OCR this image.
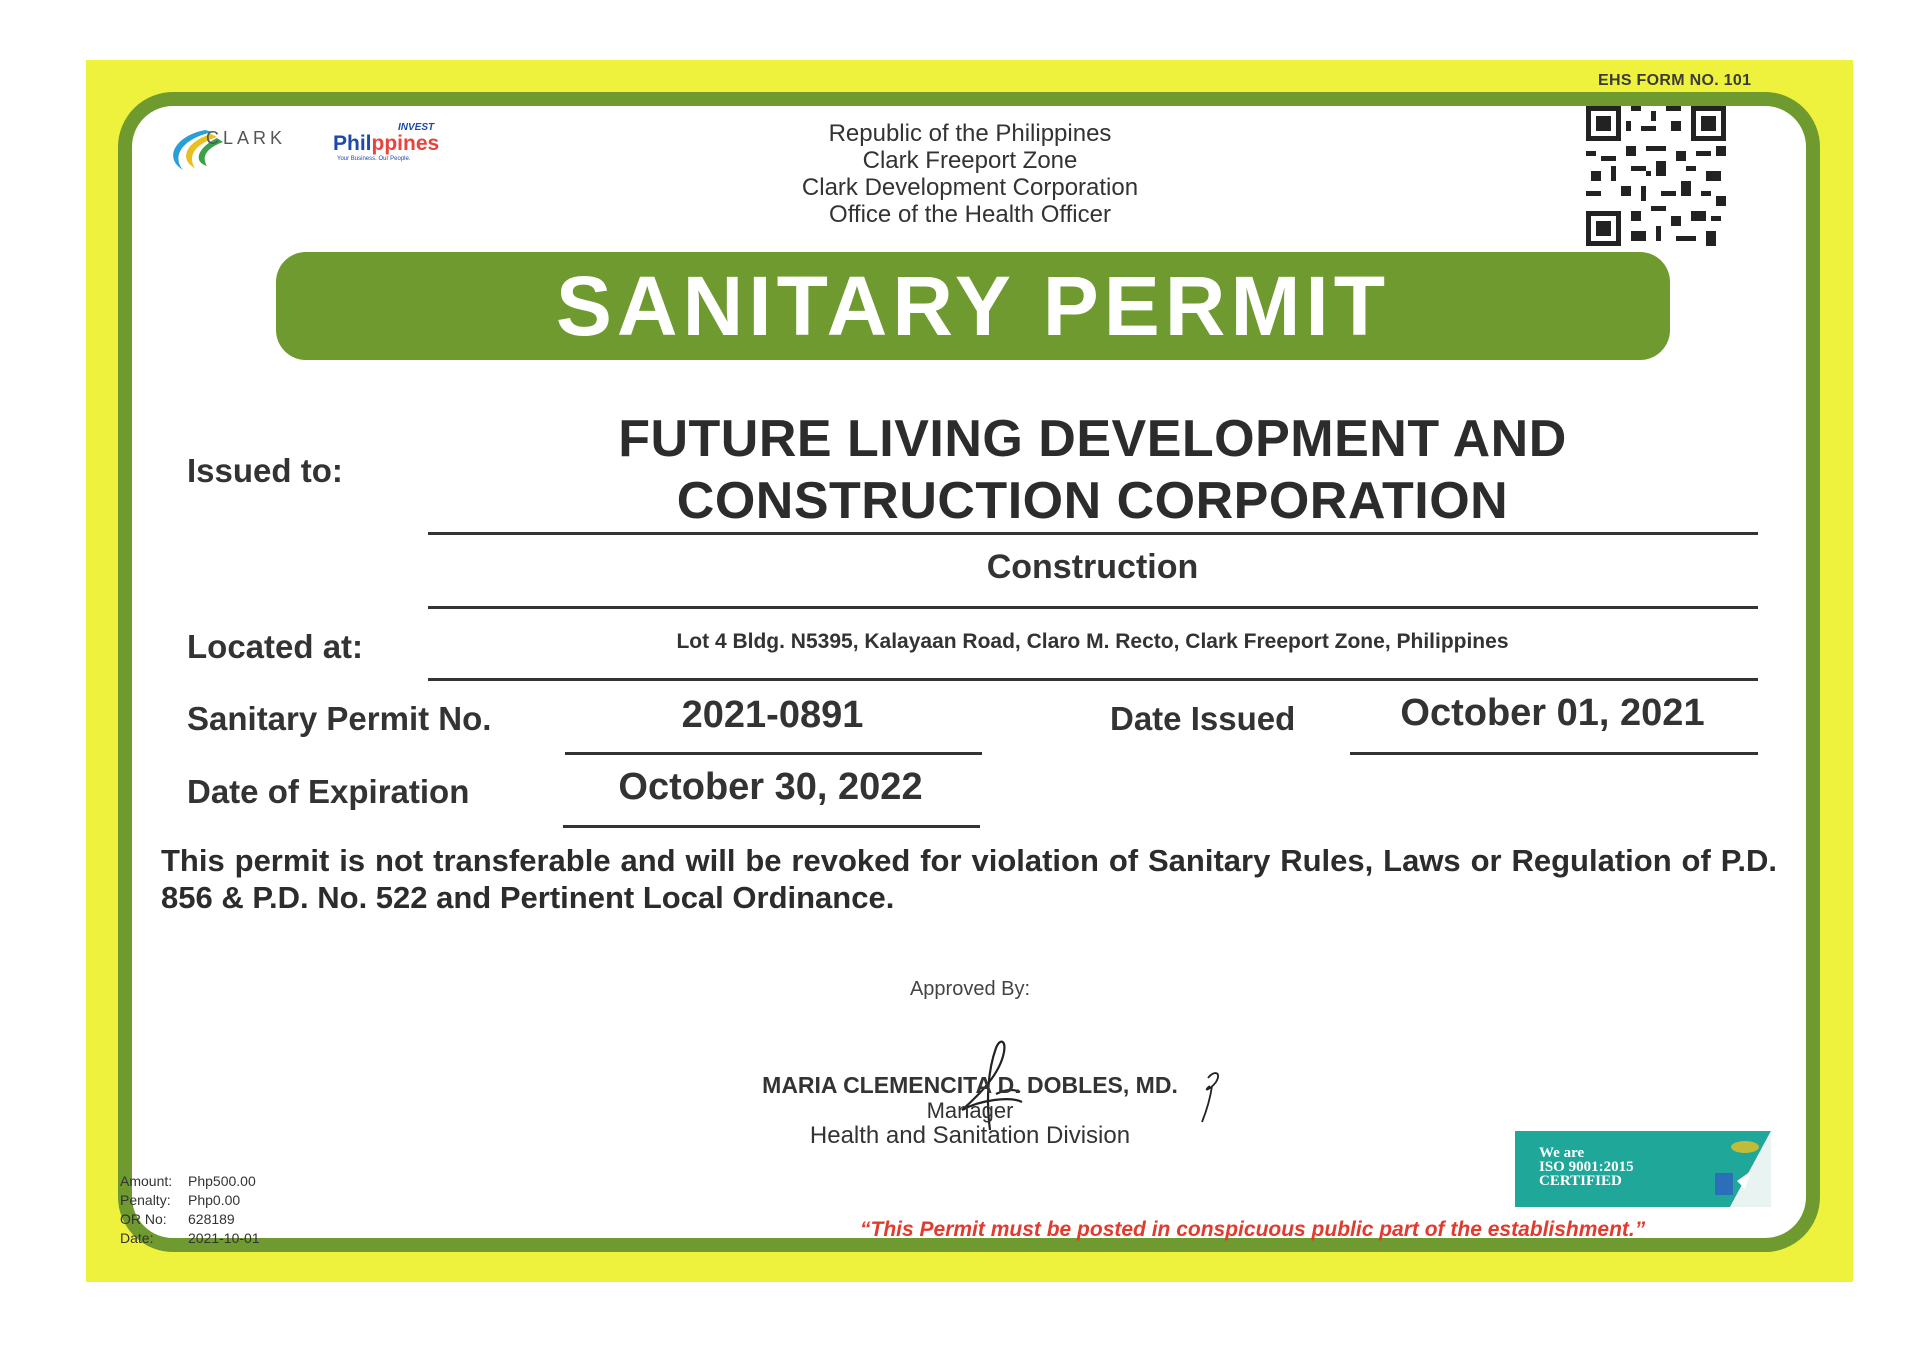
EHS FORM NO. 101
CLARK
INVEST
Philppines
Your Business. Our People.
Republic of the Philippines
Clark Freeport Zone
Clark Development Corporation
Office of the Health Officer
SANITARY PERMIT
Issued to:
FUTURE LIVING DEVELOPMENT AND
CONSTRUCTION CORPORATION
Construction
Located at:	Lot 4 Bldg. N5395, Kalayaan Road, Claro M. Recto, Clark Freeport Zone, Philippines
Sanitary Permit No.	2021-0891	Date Issued	October 01, 2021
Date of Expiration	October 30, 2022
This permit is not transferable and will be revoked for violation of Sanitary Rules, Laws or Regulation of P.D. 856 & P.D. No. 522 and Pertinent Local Ordinance.
Approved By:
MARIA CLEMENCITA D. DOBLES, MD.
Manager
Health and Sanitation Division
Amount:	Php500.00
Penalty:	Php0.00
OR No:	628189
Date:	2021-10-01
We are
ISO 9001:2015
CERTIFIED
“This Permit must be posted in conspicuous public part of the establishment.”
